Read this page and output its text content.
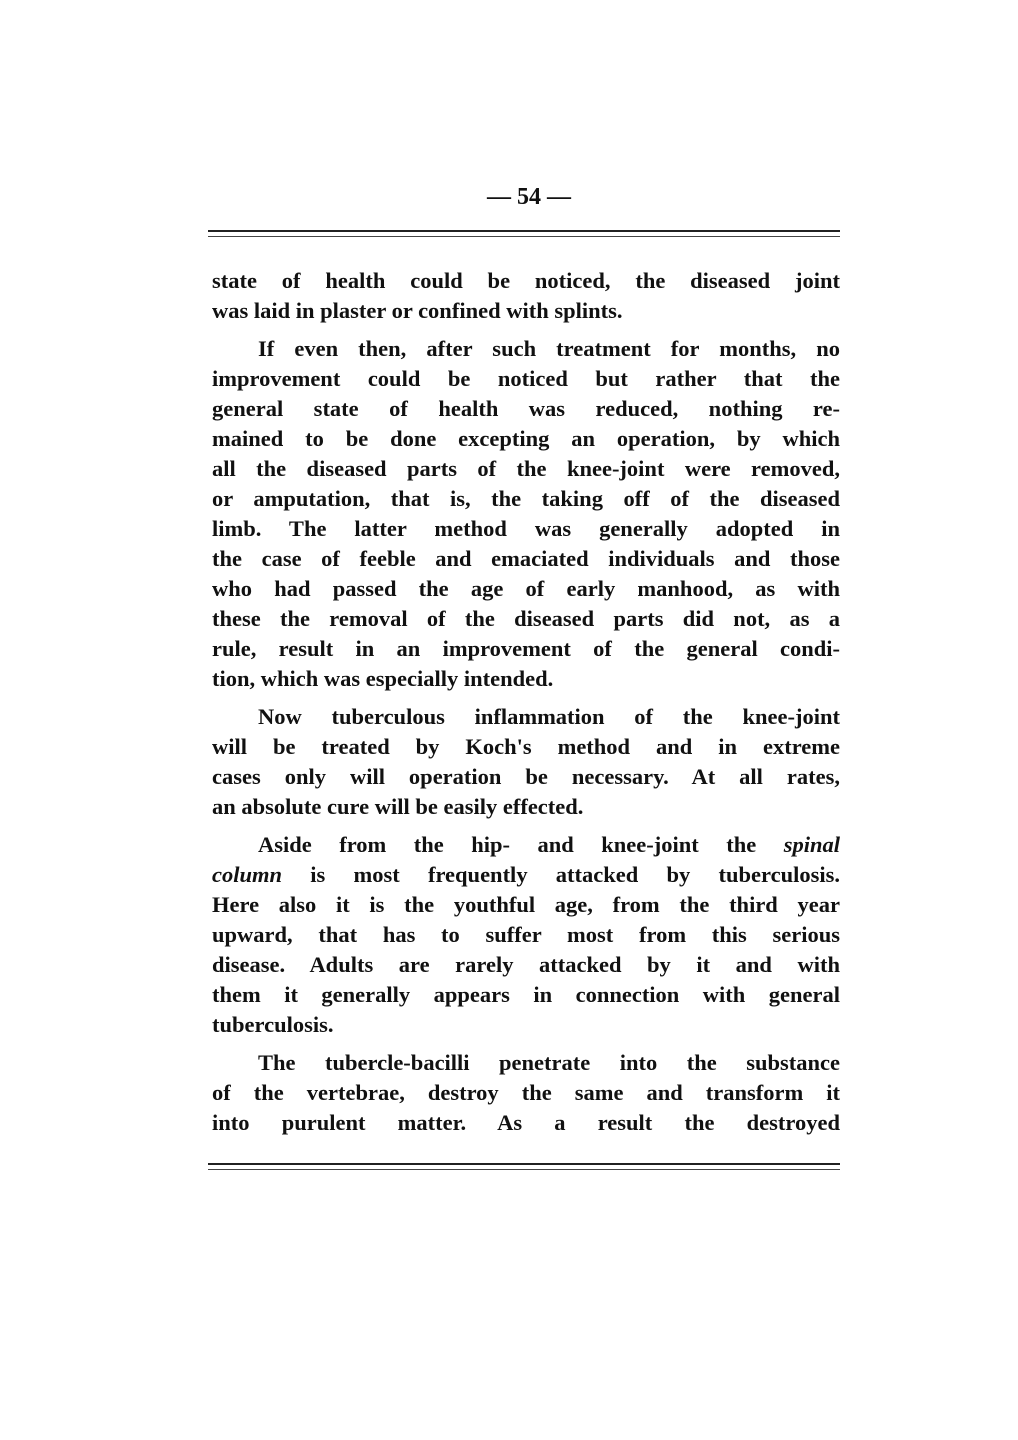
— 54 —
state of health could be noticed, the diseased joint
was laid in plaster or confined with splints.
If even then, after such treatment for months, no
improvement could be noticed but rather that the
general state of health was reduced, nothing re-
mained to be done excepting an operation, by which
all the diseased parts of the knee-joint were removed,
or amputation, that is, the taking off of the diseased
limb. The latter method was generally adopted in
the case of feeble and emaciated individuals and those
who had passed the age of early manhood, as with
these the removal of the diseased parts did not, as a
rule, result in an improvement of the general condi-
tion, which was especially intended.
Now tuberculous inflammation of the knee-joint
will be treated by Koch's method and in extreme
cases only will operation be necessary. At all rates,
an absolute cure will be easily effected.
Aside from the hip- and knee-joint the spinal
column is most frequently attacked by tuberculosis.
Here also it is the youthful age, from the third year
upward, that has to suffer most from this serious
disease. Adults are rarely attacked by it and with
them it generally appears in connection with general
tuberculosis.
The tubercle-bacilli penetrate into the substance
of the vertebrae, destroy the same and transform it
into purulent matter. As a result the destroyed
